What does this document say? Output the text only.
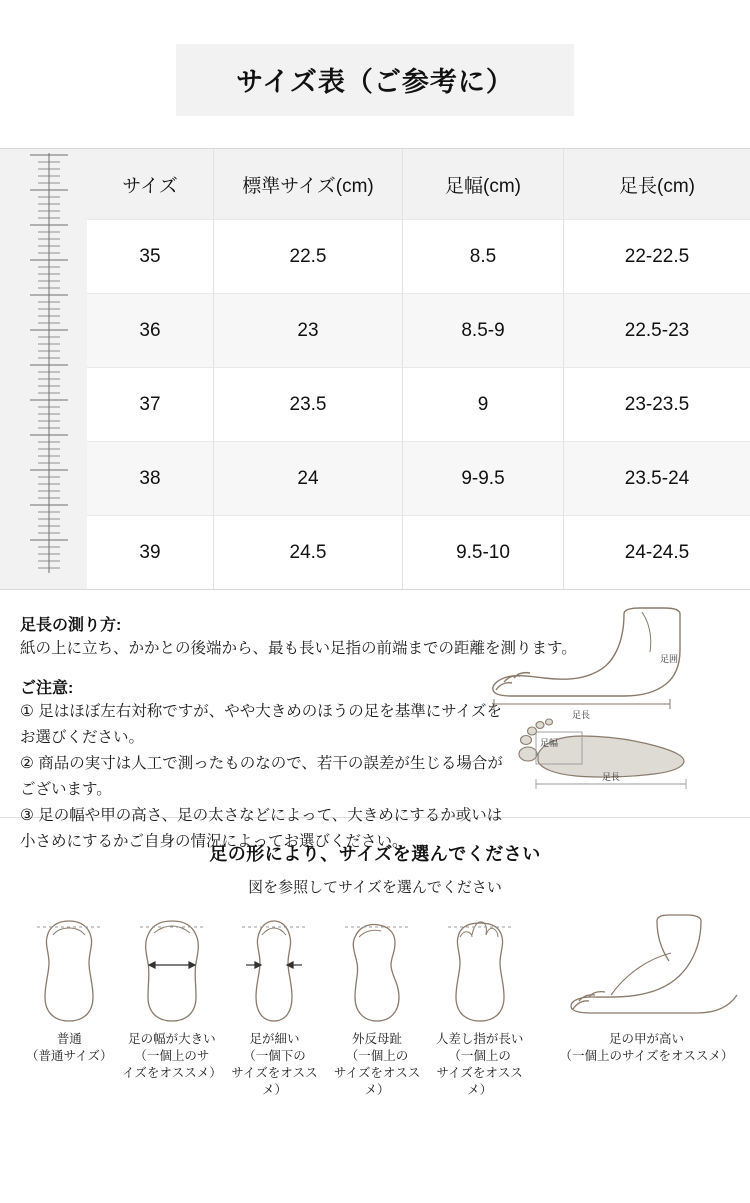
サイズ表（ご参考に）
サイズ	標準サイズ(cm)	足幅(cm)	足長(cm)
35	22.5	8.5	22-22.5
36	23	8.5-9	22.5-23
37	23.5	9	23-23.5
38	24	9-9.5	23.5-24
39	24.5	9.5-10	24-24.5
足長の測り方:

紙の上に立ち、かかとの後端から、最も長い足指の前端までの距離を測ります。

ご注意:

① 足はほぼ左右対称ですが、やや大きめのほうの足を基準にサイズを

お選びください。

② 商品の実寸は人工で測ったものなので、若干の誤差が生じる場合が

ございます。

③ 足の幅や甲の高さ、足の太さなどによって、大きめにするか或いは

小さめにするかご自身の情況によってお選びください。

足囲
足長
足幅
足長
足の形により、サイズを選んでください
図を参照してサイズを選んでください
普通
（普通サイズ）
足の幅が大きい
（一個上のサ
イズをオススメ）
足が細い
（一個下の
サイズをオススメ）
外反母趾
（一個上の
サイズをオススメ）
人差し指が長い
（一個上の
サイズをオススメ）
足の甲が高い
（一個上のサイズをオススメ）
